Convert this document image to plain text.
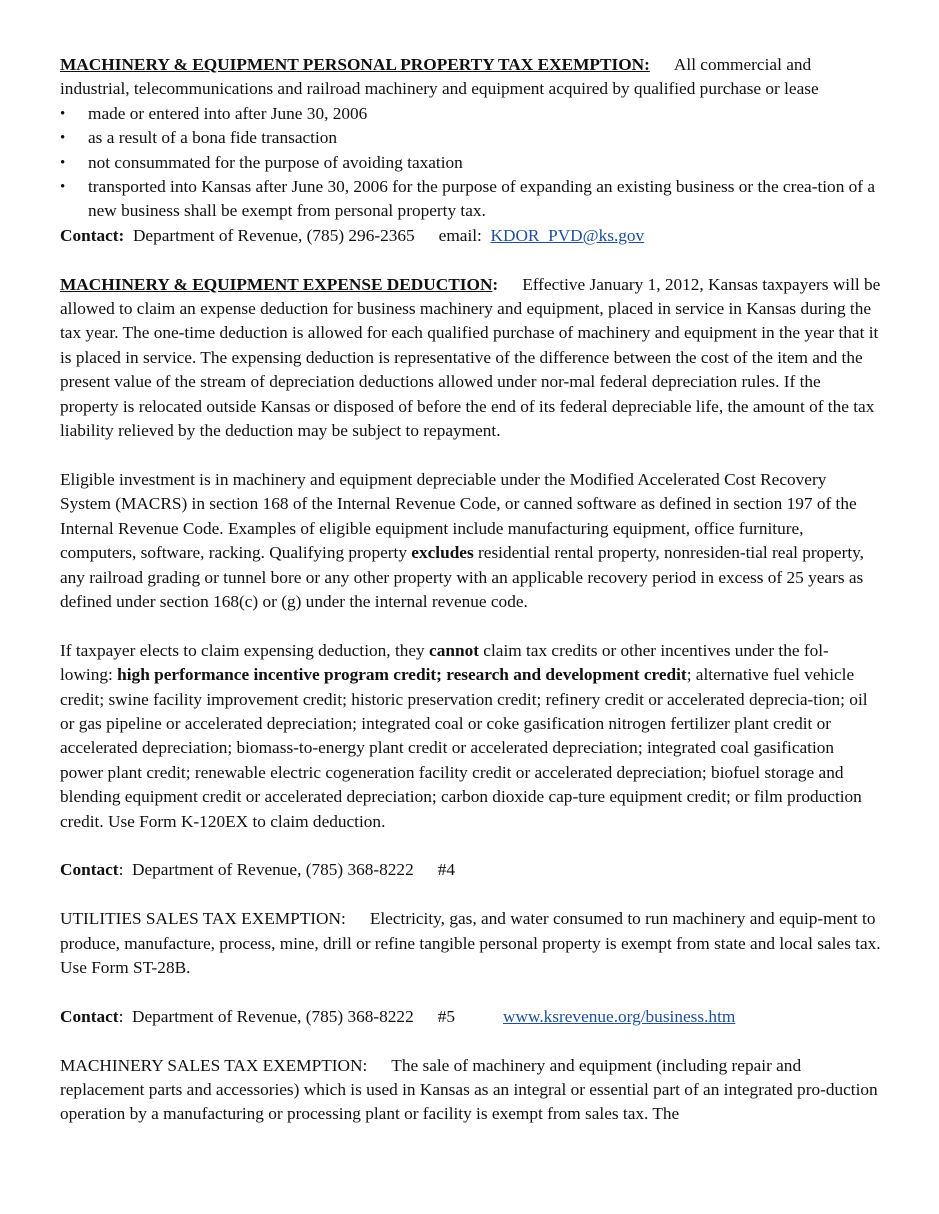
MACHINERY & EQUIPMENT PERSONAL PROPERTY TAX EXEMPTION: All commercial and industrial, telecommunications and railroad machinery and equipment acquired by qualified purchase or lease

• made or entered into after June 30, 2006
• as a result of a bona fide transaction
• not consummated for the purpose of avoiding taxation
• transported into Kansas after June 30, 2006 for the purpose of expanding an existing business or the crea-tion of a new business shall be exempt from personal property tax.

Contact: Department of Revenue, (785) 296-2365 email: KDOR_PVD@ks.gov

MACHINERY & EQUIPMENT EXPENSE DEDUCTION: Effective January 1, 2012, Kansas taxpayers will be allowed to claim an expense deduction for business machinery and equipment, placed in service in Kansas during the tax year. The one-time deduction is allowed for each qualified purchase of machinery and equipment in the year that it is placed in service. The expensing deduction is representative of the difference between the cost of the item and the present value of the stream of depreciation deductions allowed under nor-mal federal depreciation rules. If the property is relocated outside Kansas or disposed of before the end of its federal depreciable life, the amount of the tax liability relieved by the deduction may be subject to repayment.

Eligible investment is in machinery and equipment depreciable under the Modified Accelerated Cost Recovery System (MACRS) in section 168 of the Internal Revenue Code, or canned software as defined in section 197 of the Internal Revenue Code. Examples of eligible equipment include manufacturing equipment, office furniture, computers, software, racking. Qualifying property excludes residential rental property, nonresiden-tial real property, any railroad grading or tunnel bore or any other property with an applicable recovery period in excess of 25 years as defined under section 168(c) or (g) under the internal revenue code.

If taxpayer elects to claim expensing deduction, they cannot claim tax credits or other incentives under the fol-lowing: high performance incentive program credit; research and development credit; alternative fuel vehicle credit; swine facility improvement credit; historic preservation credit; refinery credit or accelerated deprecia-tion; oil or gas pipeline or accelerated depreciation; integrated coal or coke gasification nitrogen fertilizer plant credit or accelerated depreciation; biomass-to-energy plant credit or accelerated depreciation; integrated coal gasification power plant credit; renewable electric cogeneration facility credit or accelerated depreciation; biofuel storage and blending equipment credit or accelerated depreciation; carbon dioxide cap-ture equipment credit; or film production credit. Use Form K-120EX to claim deduction.

Contact: Department of Revenue, (785) 368-8222 #4

UTILITIES SALES TAX EXEMPTION: Electricity, gas, and water consumed to run machinery and equip-ment to produce, manufacture, process, mine, drill or refine tangible personal property is exempt from state and local sales tax. Use Form ST-28B.

Contact: Department of Revenue, (785) 368-8222 #5	www.ksrevenue.org/business.htm

MACHINERY SALES TAX EXEMPTION: The sale of machinery and equipment (including repair and replacement parts and accessories) which is used in Kansas as an integral or essential part of an integrated pro-duction operation by a manufacturing or processing plant or facility is exempt from sales tax. The
